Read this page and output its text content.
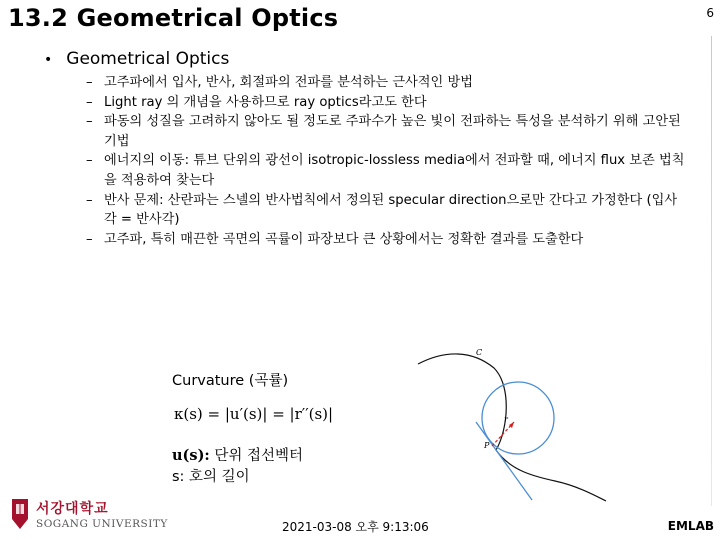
13.2 Geometrical Optics	6
• Geometrical Optics
– 고주파에서 입사, 반사, 회절파의 전파를 분석하는 근사적인 방법
– Light ray 의 개념을 사용하므로 ray optics라고도 한다
– 파동의 성질을 고려하지 않아도 될 정도로 주파수가 높은 빛이 전파하는 특성을 분석하기 위해 고안된 기법
– 에너지의 이동: 튜브 단위의 광선이 isotropic-lossless media에서 전파할 때, 에너지 flux 보존 법칙을 적용하여 찾는다
– 반사 문제: 산란파는 스넬의 반사법칙에서 정의된 specular direction으로만 간다고 가정한다 (입사각 = 반사각)
– 고주파, 특히 매끈한 곡면의 곡률이 파장보다 큰 상황에서는 정확한 결과를 도출한다
Curvature (곡률)
κ(s) = |u′(s)| = |r′′(s)|
u(s): 단위 접선벡터
s: 호의 길이
C
r
P
서강대학교
SOGANG UNIVERSITY	2021-03-08 오후 9:13:06	EMLAB
